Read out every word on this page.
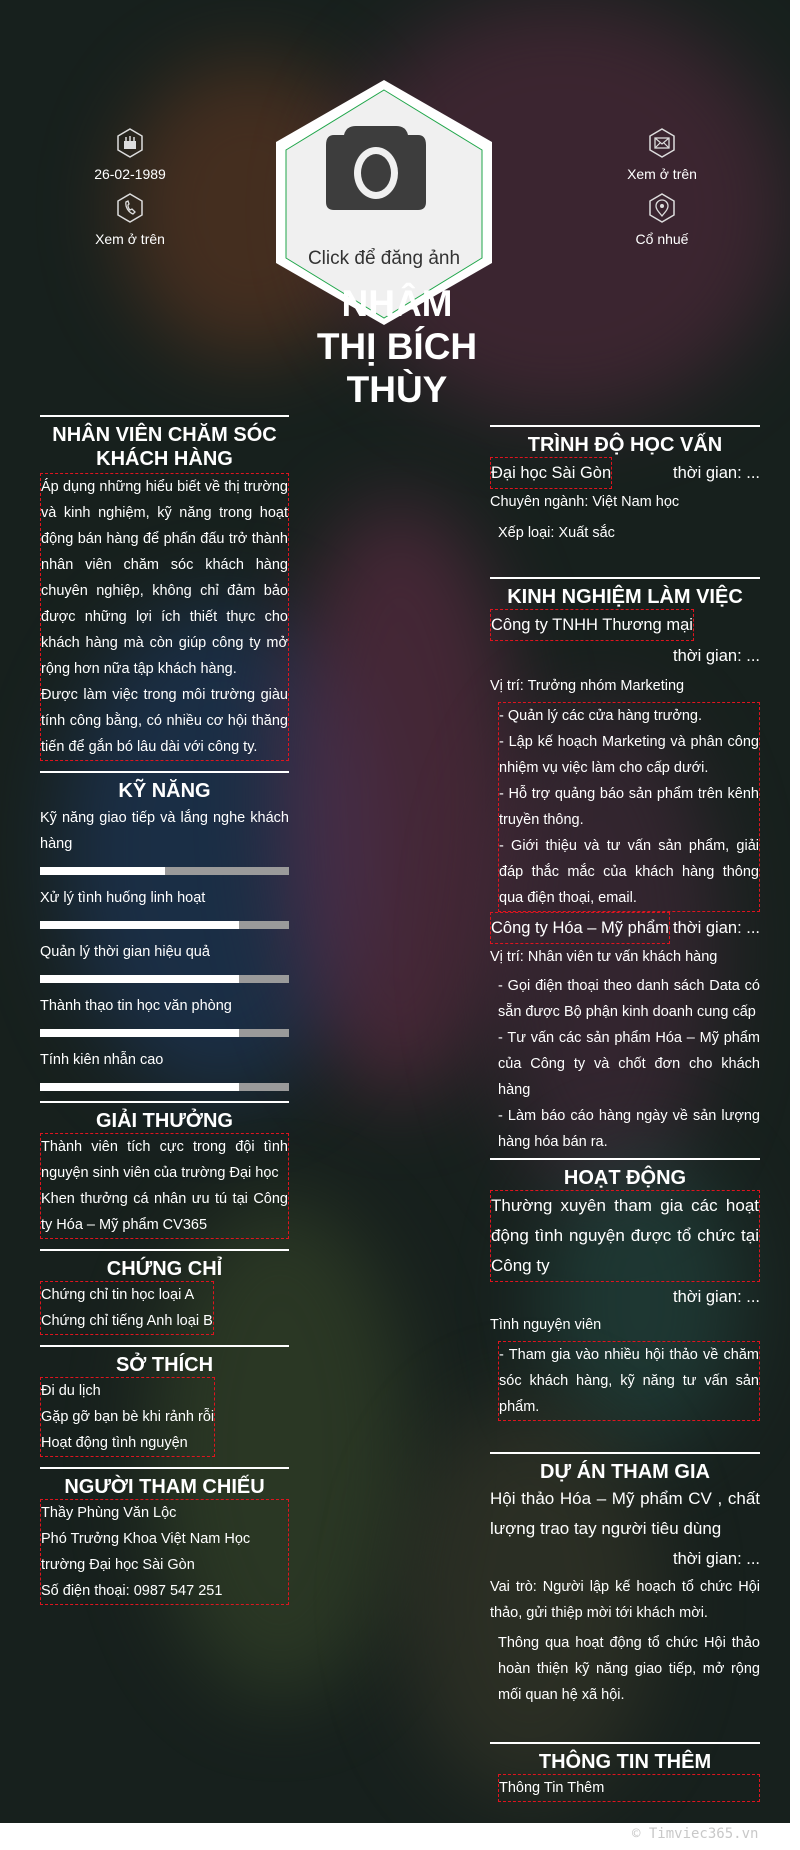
26-02-1989
Xem ở trên
Xem ở trên
Cổ nhuế
Click để đăng ảnh
NHÂM
THỊ BÍCH
THÙY
NHÂN VIÊN CHĂM SÓC KHÁCH HÀNG
Áp dụng những hiểu biết về thị trường và kinh nghiệm, kỹ năng trong hoạt động bán hàng để phấn đấu trở thành nhân viên chăm sóc khách hàng chuyên nghiệp, không chỉ đảm bảo được những lợi ích thiết thực cho khách hàng mà còn giúp công ty mở rộng hơn nữa tập khách hàng.
Được làm việc trong môi trường giàu tính công bằng, có nhiều cơ hội thăng tiến để gắn bó lâu dài với công ty.
KỸ NĂNG
Kỹ năng giao tiếp và lắng nghe khách hàng
Xử lý tình huống linh hoạt
Quản lý thời gian hiệu quả
Thành thạo tin học văn phòng
Tính kiên nhẫn cao
GIẢI THƯỞNG
Thành viên tích cực trong đội tình nguyện sinh viên của trường Đại học
Khen thưởng cá nhân ưu tú tại Công ty Hóa – Mỹ phẩm CV365
CHỨNG CHỈ
Chứng chỉ tin học loại A
Chứng chỉ tiếng Anh loại B
SỞ THÍCH
Đi du lịch
Gặp gỡ bạn bè khi rảnh rỗi
Hoạt động tình nguyện
NGƯỜI THAM CHIẾU
Thầy Phùng Văn Lộc
Phó Trưởng Khoa Việt Nam Học trường Đại học Sài Gòn
Số điện thoại: 0987 547 251
TRÌNH ĐỘ HỌC VẤN
Đại học Sài Gòn	thời gian: ...
Chuyên ngành: Việt Nam học
Xếp loại: Xuất sắc
KINH NGHIỆM LÀM VIỆC
Công ty TNHH Thương mại
thời gian: ...
Vị trí: Trưởng nhóm Marketing
- Quản lý các cửa hàng trưởng.
- Lập kế hoạch Marketing và phân công nhiệm vụ việc làm cho cấp dưới.
- Hỗ trợ quảng báo sản phẩm trên kênh truyền thông.
- Giới thiệu và tư vấn sản phẩm, giải đáp thắc mắc của khách hàng thông qua điện thoại, email.
Công ty Hóa – Mỹ phẩm thời gian: ...
Vị trí: Nhân viên tư vấn khách hàng
- Gọi điện thoại theo danh sách Data có sẵn được Bộ phận kinh doanh cung cấp
- Tư vấn các sản phẩm Hóa – Mỹ phẩm của Công ty và chốt đơn cho khách hàng
- Làm báo cáo hàng ngày về sản lượng hàng hóa bán ra.
HOẠT ĐỘNG
Thường xuyên tham gia các hoạt động tình nguyện được tổ chức tại Công ty
thời gian: ...
Tình nguyện viên
- Tham gia vào nhiều hội thảo về chăm sóc khách hàng, kỹ năng tư vấn sản phẩm.
DỰ ÁN THAM GIA
Hội thảo Hóa – Mỹ phẩm CV , chất lượng trao tay người tiêu dùng
thời gian: ...
Vai trò: Người lập kế hoạch tổ chức Hội thảo, gửi thiệp mời tới khách mời.
Thông qua hoạt động tổ chức Hội thảo hoàn thiện kỹ năng giao tiếp, mở rộng mối quan hệ xã hội.
THÔNG TIN THÊM
Thông Tin Thêm
© Timviec365.vn
